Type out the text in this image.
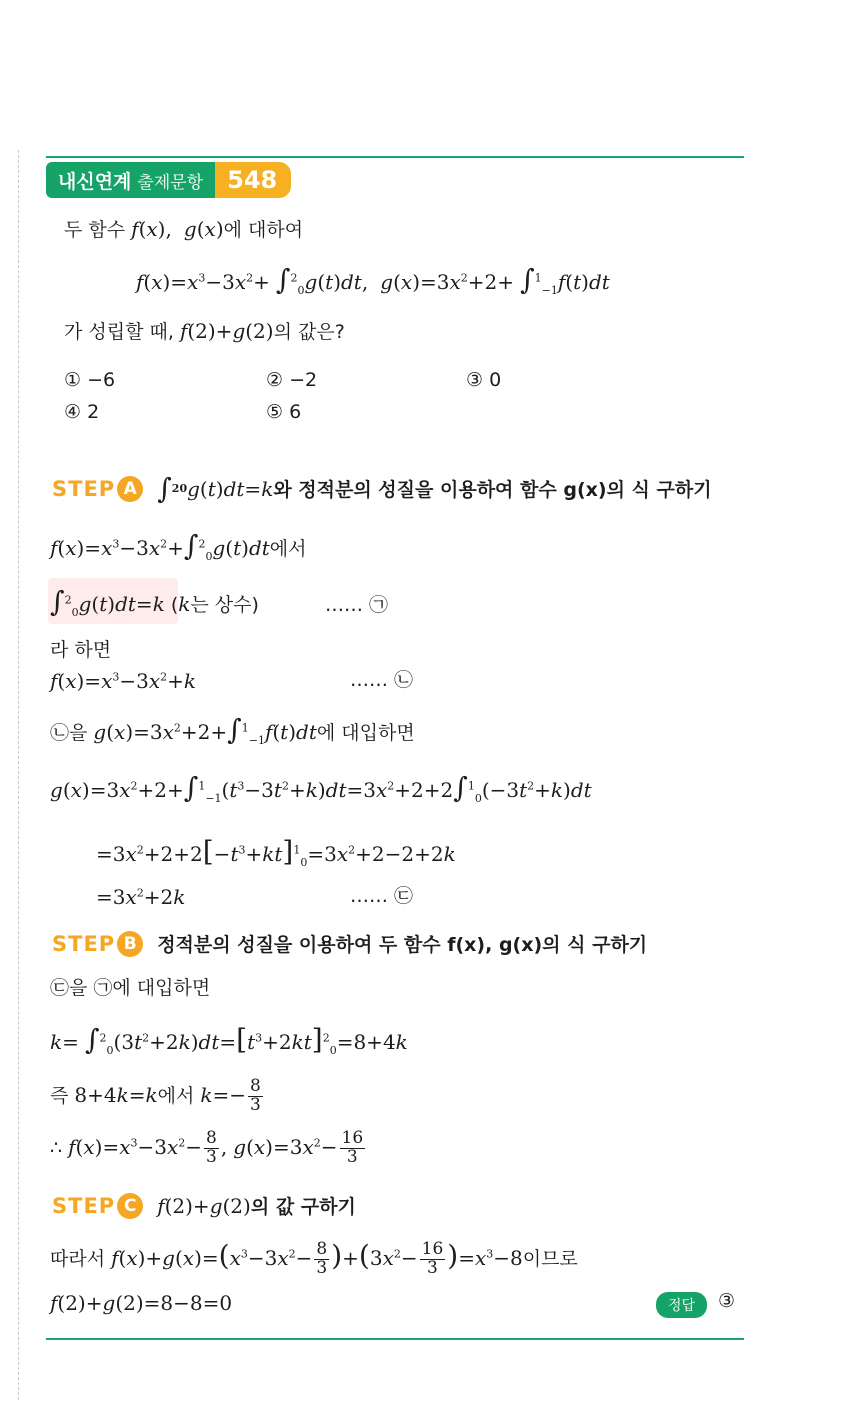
내신연계 출제문항	548
두 함수 f(x), g(x)에 대하여
$f(x)=x^3-3x^2+ \int^2_0g(t)dt$, $g(x)=3x^2+2+ \int^1_{-1}f(t)dt$
가 성립할 때, f(2)+g(2)의 값은?
① −6	② −2	③ 0
④ 2	⑤ 6
STEP A ∫ 2 0 g ( t ) dt = k 와 정적분의 성질을 이용하여 함수 g(x)의 식 구하기
$f(x)=x^3-3x^2+\int^2_0g(t)dt$에서
∫$^2_0$g(t)dt=k (k는 상수)	…… ㉠
라 하면
$f(x)=x^3-3x^2+k$	…… ㉡
㉡을 $g(x)=3x^2+2+\int^1_{-1}f(t)dt$에 대입하면
$g(x)=3x^2+2+\int^1_{-1}(t^3-3t^2+k)dt=3x^2+2+2\int^1_0(-3t^2+k)dt$
$=3x^2+2+2[-t^3+kt]^1_0=3x^2+2-2+2k$
$=3x^2+2k$	…… ㉢
STEP B	정적분의 성질을 이용하여 두 함수 f(x), g(x)의 식 구하기
㉢을 ㉠에 대입하면
$k= \int^2_0(3t^2+2k)dt=[t^3+2kt]^2_0=8+4k$
즉 8+4k=k에서 $k=- \frac{8}{3}$
∴ $f(x)=x^3-3x^2- \frac{8}{3}$ , $g(x)=3x^2- \frac{16}{3}$
STEP C	f (2)+ g (2) 의 값 구하기
따라서 $f(x)+g(x)=(x^3-3x^2- \frac{8}{3} )+(3x^2- \frac{16}{3} )=x^3-8$이므로
f(2)+g(2)=8−8=0	정답	③
